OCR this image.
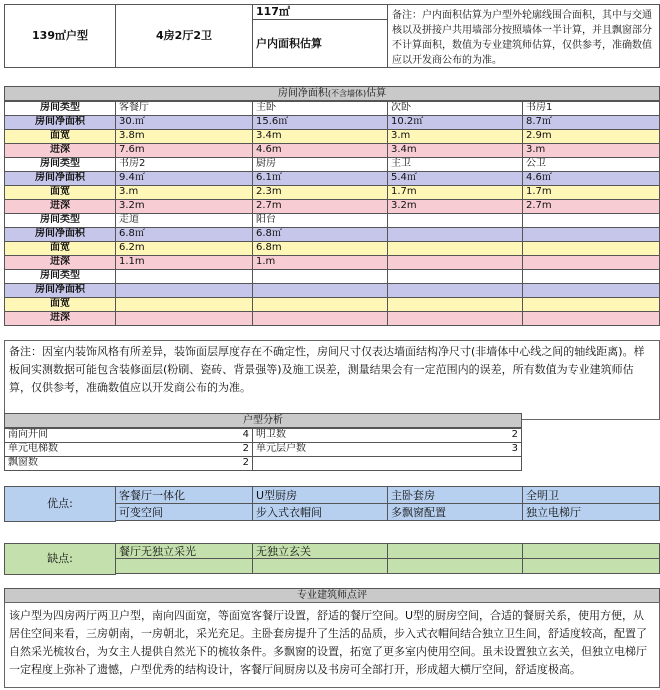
139㎡户型	4房2厅2卫
117㎡
户内面积估算
备注：户内面积估算为户型外轮廓线围合面积，其中与交通核以及拼接户共用墙部分按照墙体一半计算，并且飘窗部分不计算面积，数值为专业建筑师估算，仅供参考，准确数值应以开发商公布的为准。
房间净面积(不含墙体)估算
房间类型	客餐厅	主卧	次卧	书房1
房间净面积	30.㎡	15.6㎡	10.2㎡	8.7㎡
面宽	3.8m	3.4m	3.m	2.9m
进深	7.6m	4.6m	3.4m	3.m
房间类型	书房2	厨房	主卫	公卫
房间净面积	9.4㎡	6.1㎡	5.4㎡	4.6㎡
面宽	3.m	2.3m	1.7m	1.7m
进深	3.2m	2.7m	3.2m	2.7m
房间类型	走道	阳台
房间净面积	6.8㎡	6.8㎡
面宽	6.2m	6.8m
进深	1.1m	1.m
房间类型
房间净面积
面宽
进深
备注：因室内装饰风格有所差异，装饰面层厚度存在不确定性，房间尺寸仅表达墙面结构净尺寸(非墙体中心线之间的轴线距离)。样板间实测数据可能包含装修面层(粉刷、瓷砖、背景强等)及施工误差，测量结果会有一定范围内的误差，所有数值为专业建筑师估算，仅供参考，准确数值应以开发商公布的为准。
户型分析
南向开间	4 明卫数	2
单元电梯数	2 单元层户数	3
飘窗数	2
优点:
客餐厅一体化	U型厨房	主卧套房	全明卫
可变空间	步入式衣帽间	多飘窗配置	独立电梯厅
缺点:
餐厅无独立采光	无独立玄关
专业建筑师点评
该户型为四房两厅两卫户型，南向四面宽，等面宽客餐厅设置，舒适的餐厅空间。U型的厨房空间，合适的餐厨关系，使用方便，从居住空间来看，三房朝南，一房朝北，采光充足。主卧套房提升了生活的品质，步入式衣帽间结合独立卫生间，舒适度较高，配置了自然采光梳妆台，为女主人提供自然光下的梳妆条件。多飘窗的设置，拓宽了更多室内使用空间。虽未设置独立玄关，但独立电梯厅一定程度上弥补了遗憾，户型优秀的结构设计，客餐厅间厨房以及书房可全部打开，形成超大横厅空间，舒适度极高。
